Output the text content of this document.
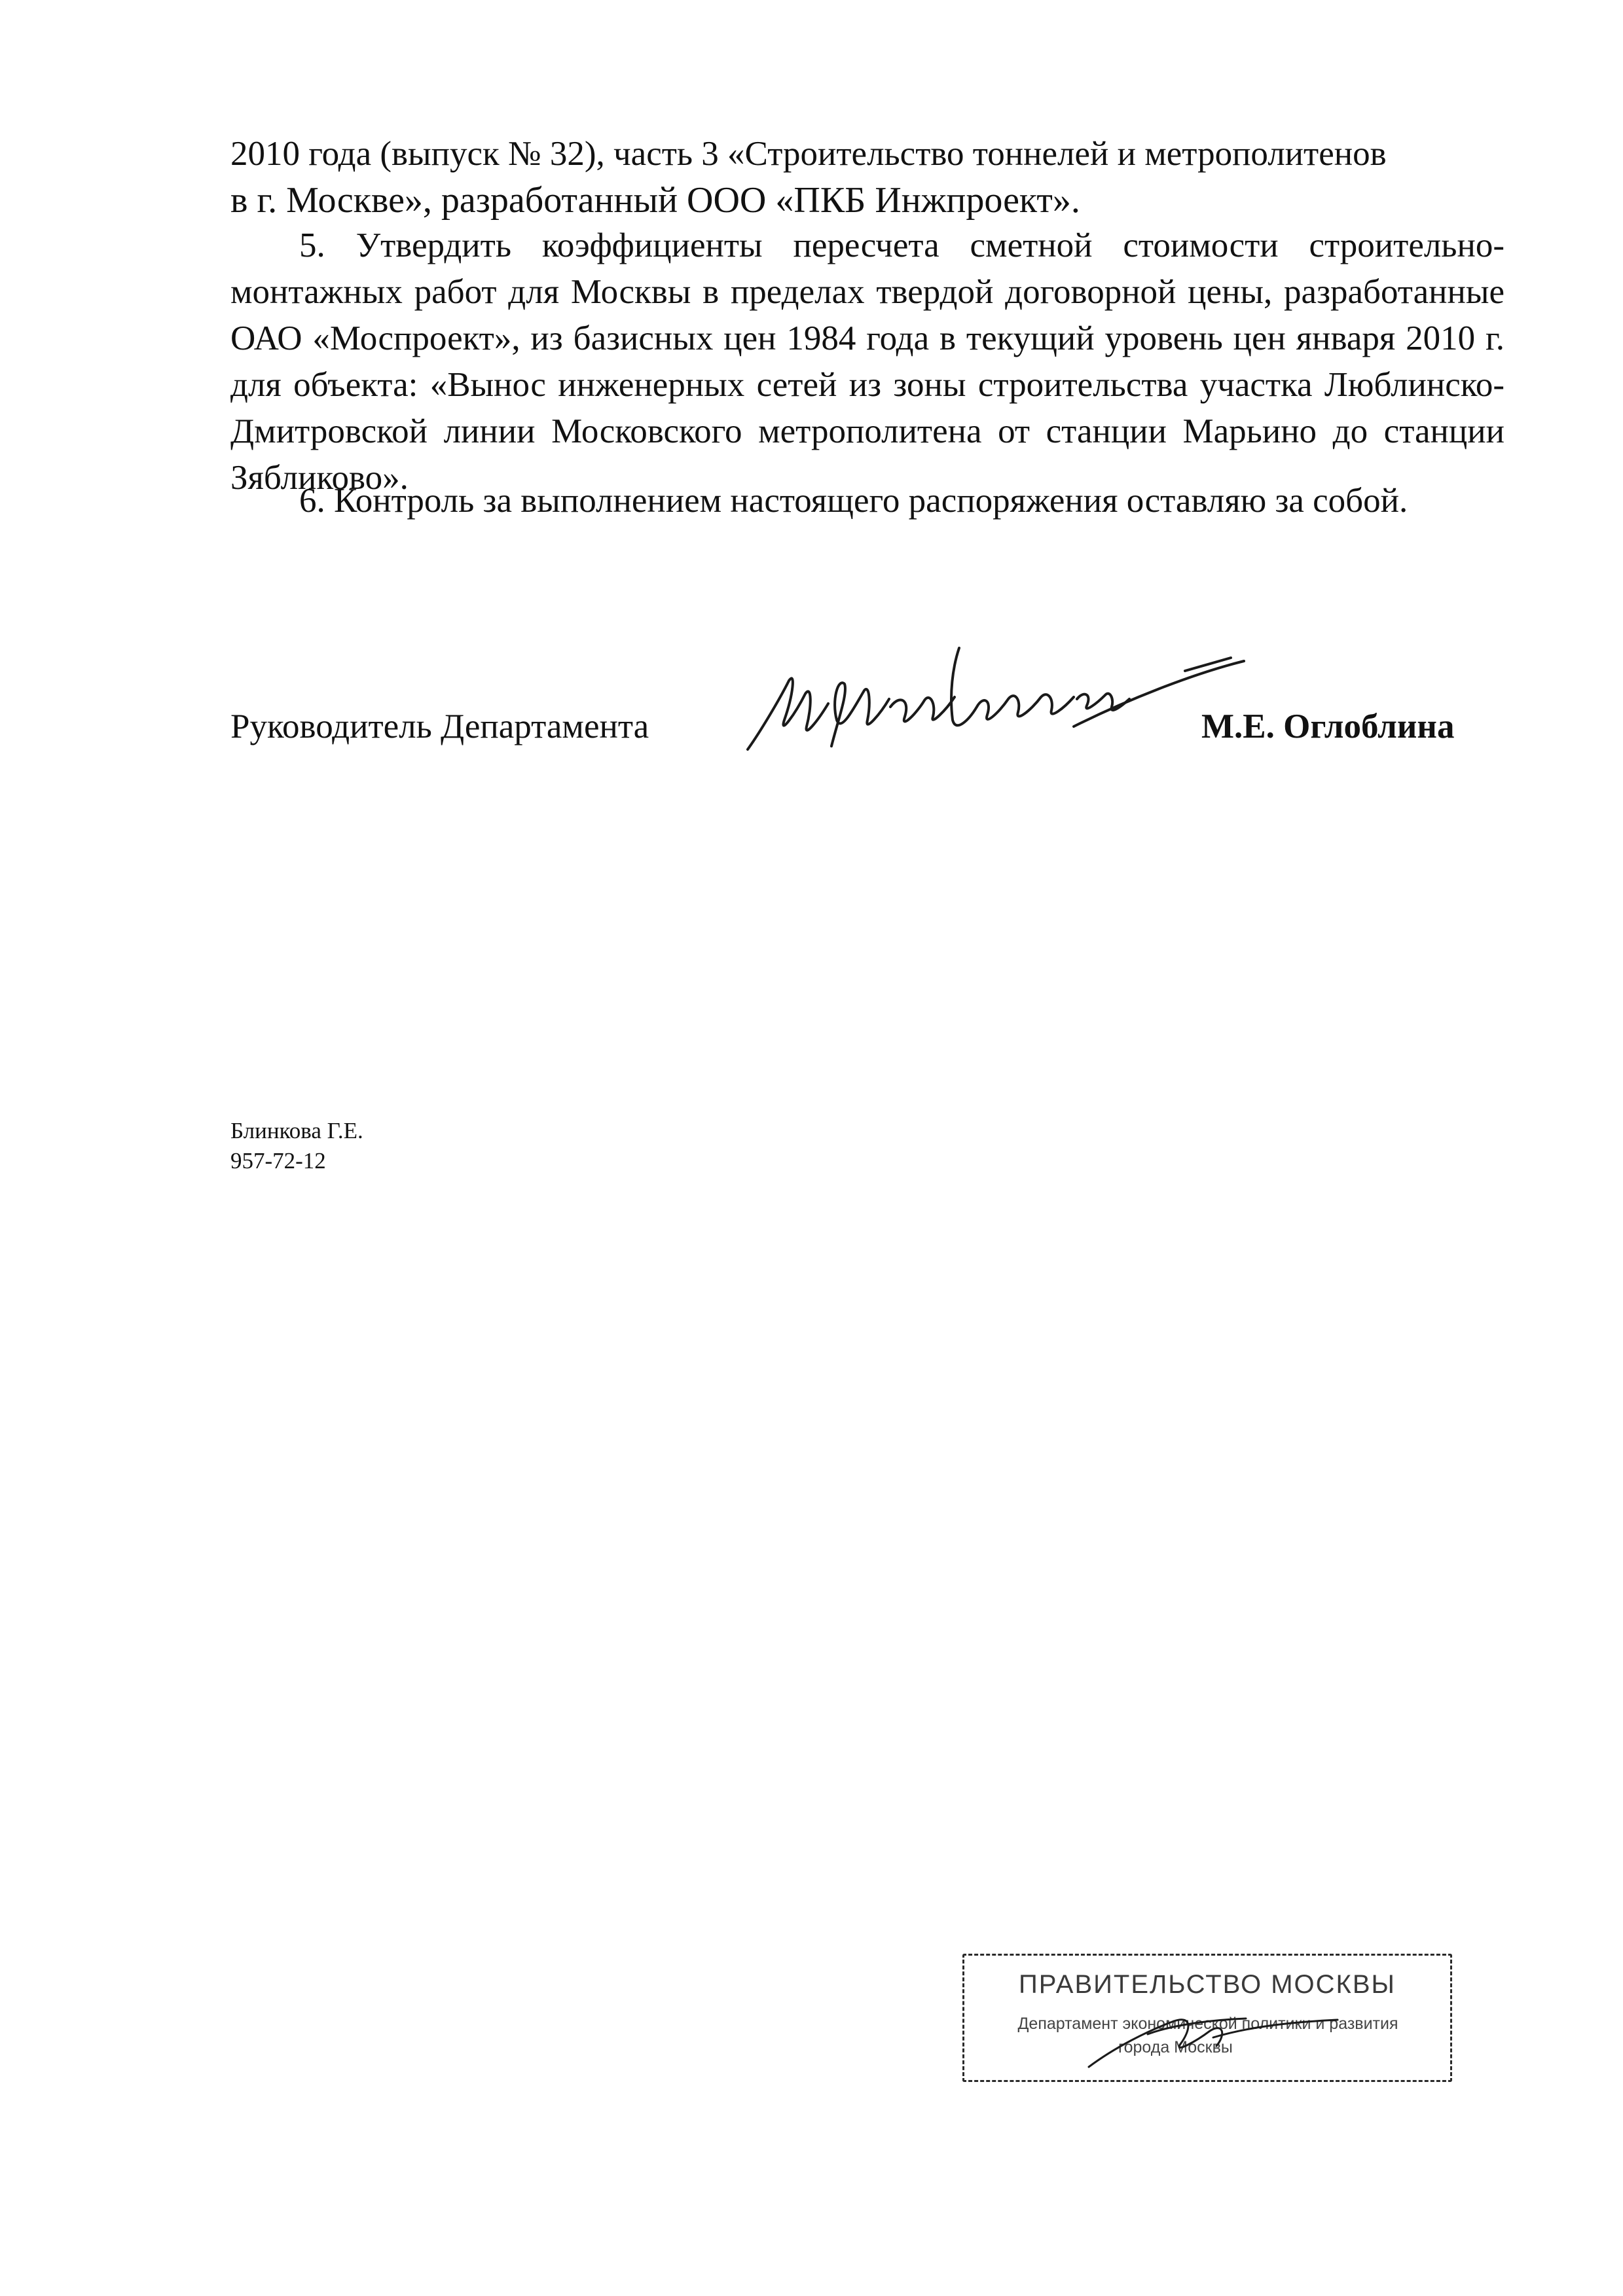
2010 года (выпуск № 32), часть 3 «Строительство тоннелей и метрополитенов
в г. Москве», разработанный ООО «ПКБ Инжпроект».
5. Утвердить коэффициенты пересчета сметной стоимости строительно-монтажных работ для Москвы в пределах твердой договорной цены, разработанные ОАО «Моспроект», из базисных цен 1984 года в текущий уровень цен января 2010 г. для объекта: «Вынос инженерных сетей из зоны строительства участка Люблинско-Дмитровской линии Московского метрополитена от станции Марьино до станции Зябликово».
6. Контроль за выполнением настоящего распоряжения оставляю за собой.
Руководитель Департамента	М.Е. Оглоблина
Блинкова Г.Е.
957-72-12
ПРАВИТЕЛЬСТВО МОСКВЫ
Департамент экономической политики и развития
города Москвы
